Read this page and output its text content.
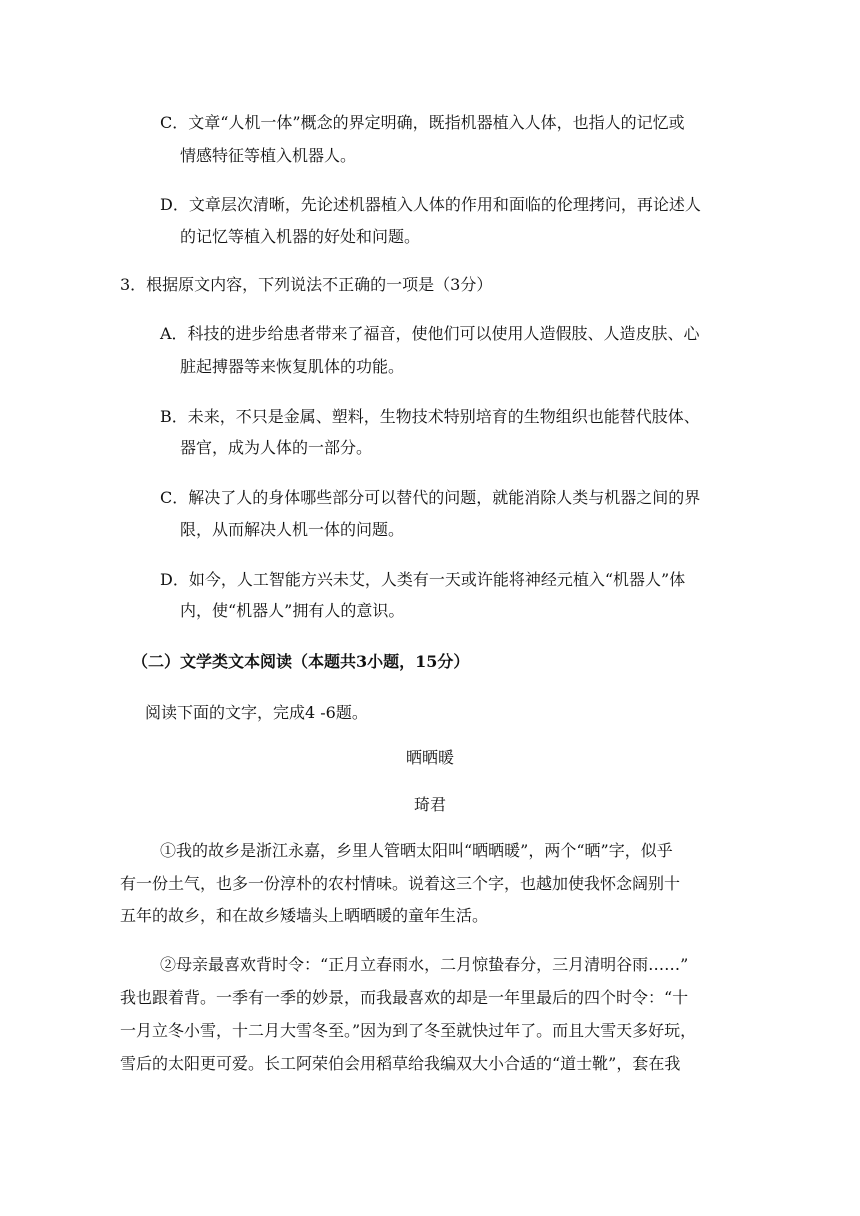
C．文章“人机一体”概念的界定明确，既指机器植入人体，也指人的记忆或
情感特征等植入机器人。
D．文章层次清晰，先论述机器植入人体的作用和面临的伦理拷问，再论述人
的记忆等植入机器的好处和问题。
3．根据原文内容，下列说法不正确的一项是（3分）
A．科技的进步给患者带来了福音，使他们可以使用人造假肢、人造皮肤、心
脏起搏器等来恢复肌体的功能。
B．未来，不只是金属、塑料，生物技术特别培育的生物组织也能替代肢体、
器官，成为人体的一部分。
C．解决了人的身体哪些部分可以替代的问题，就能消除人类与机器之间的界
限，从而解决人机一体的问题。
D．如今，人工智能方兴未艾，人类有一天或许能将神经元植入“机器人”体
内，使“机器人”拥有人的意识。
（二）文学类文本阅读（本题共3小题，15分）
阅读下面的文字，完成4 -6题。
晒晒暖
琦君
①我的故乡是浙江永嘉，乡里人管晒太阳叫“晒晒暖”，两个“晒”字，似乎
有一份土气，也多一份淳朴的农村情味。说着这三个字，也越加使我怀念阔别十
五年的故乡，和在故乡矮墙头上晒晒暖的童年生活。
②母亲最喜欢背时令：“正月立春雨水，二月惊蛰春分，三月清明谷雨……”
我也跟着背。一季有一季的妙景，而我最喜欢的却是一年里最后的四个时令：“十
一月立冬小雪，十二月大雪冬至。”因为到了冬至就快过年了。而且大雪天多好玩，
雪后的太阳更可爱。长工阿荣伯会用稻草给我编双大小合适的“道士靴”，套在我
